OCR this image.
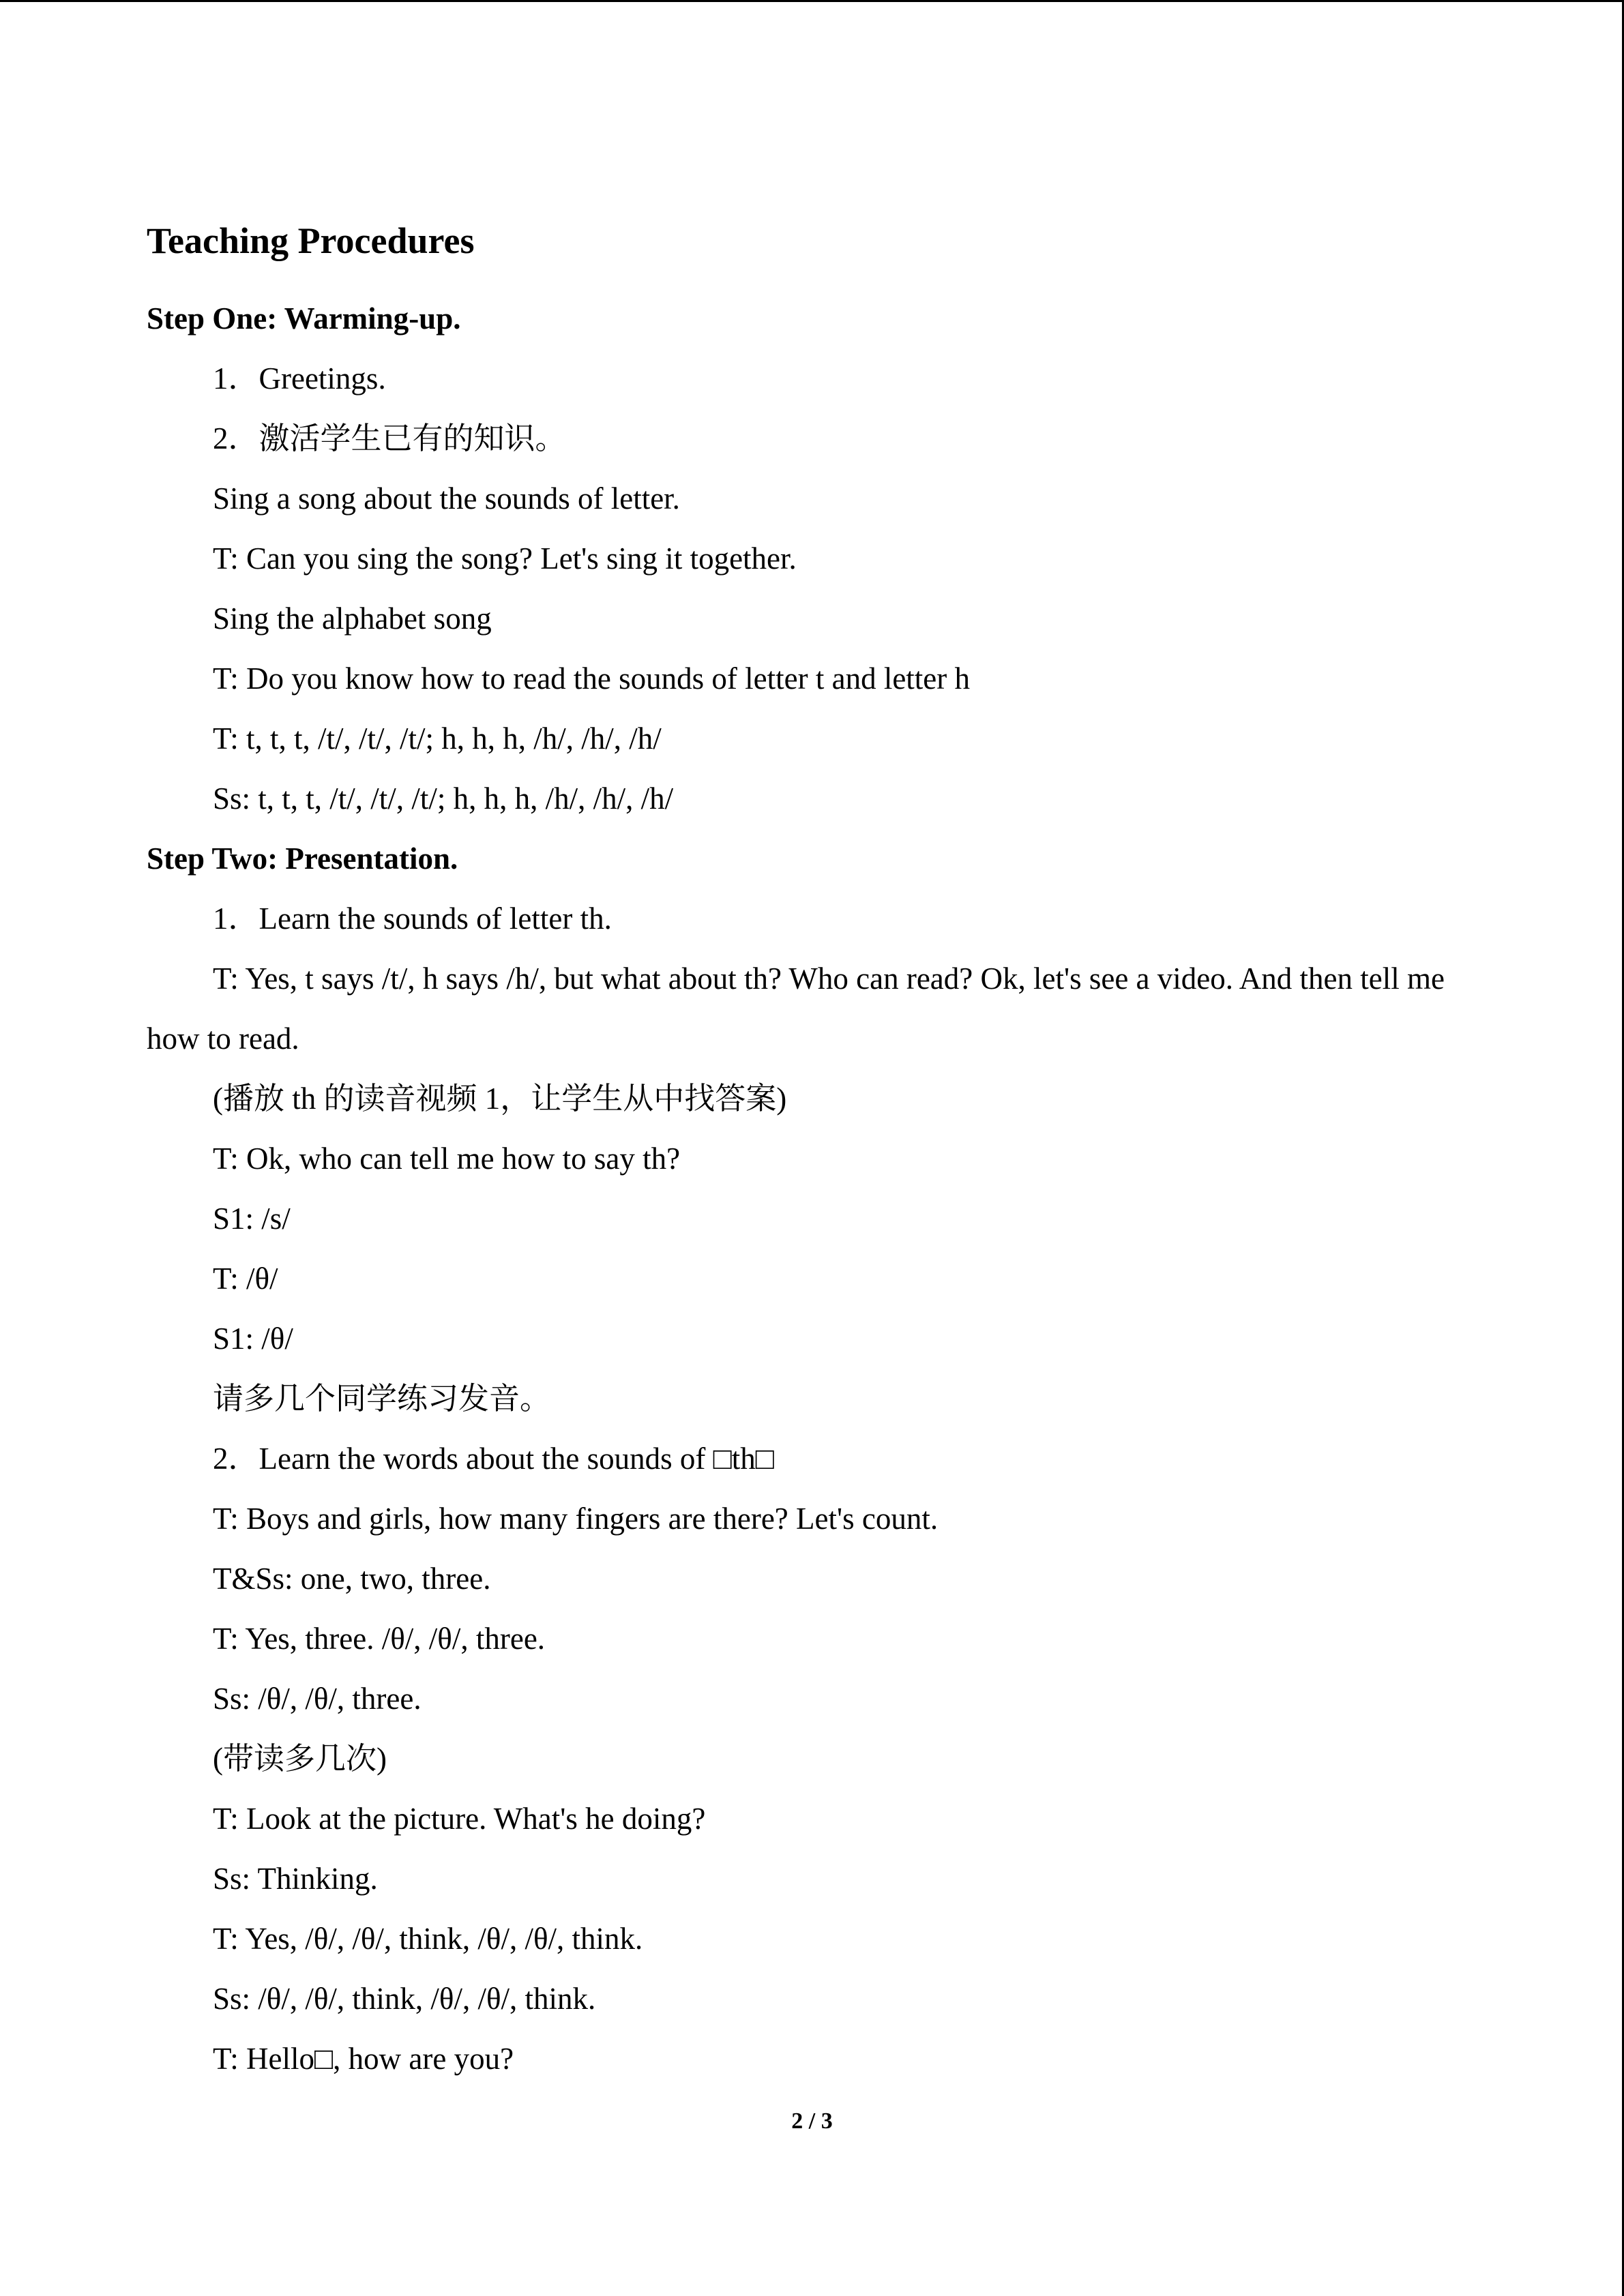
Teaching Procedures
Step One: Warming-up.
1．Greetings.
2．激活学生已有的知识。
Sing a song about the sounds of letter.
T: Can you sing the song? Let's sing it together.
Sing the alphabet song
T: Do you know how to read the sounds of letter t and letter h
T: t, t, t, /t/, /t/, /t/; h, h, h, /h/, /h/, /h/
Ss: t, t, t, /t/, /t/, /t/; h, h, h, /h/, /h/, /h/
Step Two: Presentation.
1．Learn the sounds of letter th.
T: Yes, t says /t/, h says /h/, but what about th? Who can read? Ok, let's see a video. And then tell me how to read.
(播放 th 的读音视频 1，让学生从中找答案)
T: Ok, who can tell me how to say th?
S1: /s/
T: /θ/
S1: /θ/
请多几个同学练习发音。
2．Learn the words about the sounds of □th□
T: Boys and girls, how many fingers are there? Let's count.
T&Ss: one, two, three.
T: Yes, three. /θ/, /θ/, three.
Ss: /θ/, /θ/, three.
(带读多几次)
T: Look at the picture. What's he doing?
Ss: Thinking.
T: Yes, /θ/, /θ/, think, /θ/, /θ/, think.
Ss: /θ/, /θ/, think, /θ/, /θ/, think.
T: Hello□, how are you?
2 / 3
